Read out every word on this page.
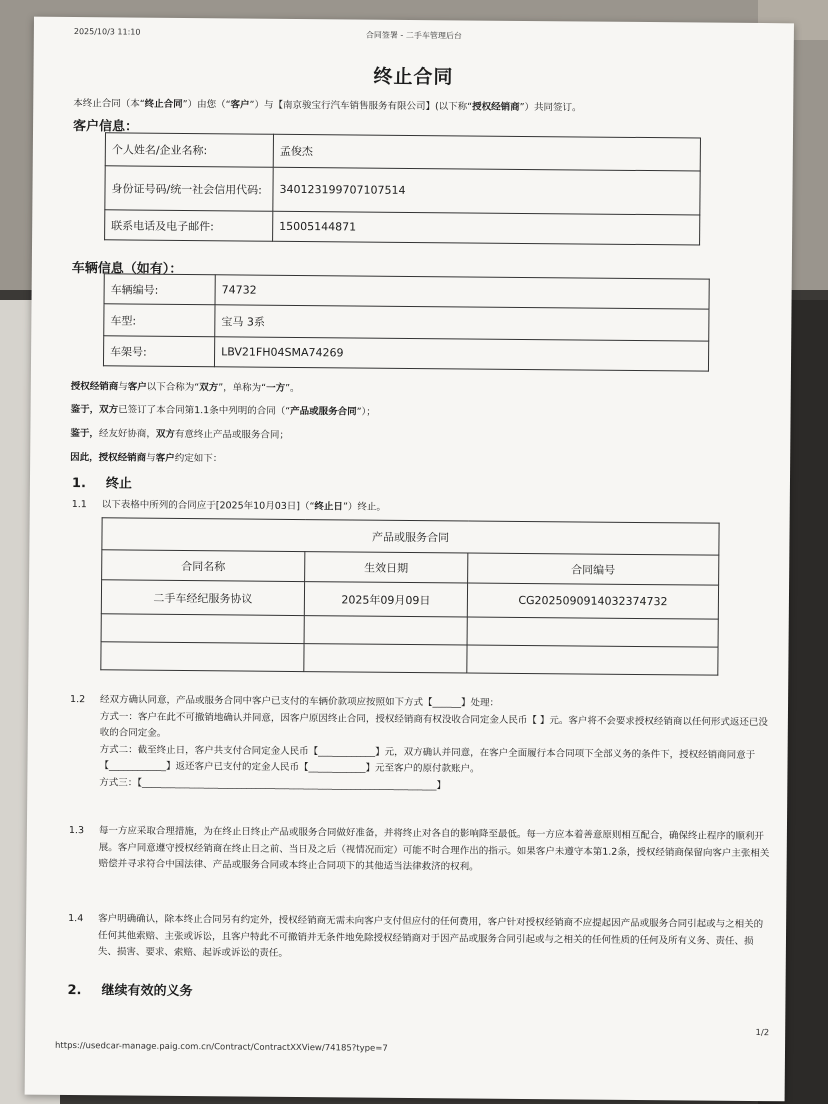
2025/10/3 11:10	合同签署 - 二手车管理后台
终止合同
本终止合同（本“终止合同”）由您（“客户”）与【南京骏宝行汽车销售服务有限公司】(以下称“授权经销商”）共同签订。
客户信息：
个人姓名/企业名称:	孟俊杰
身份证号码/统一社会信用代码:	340123199707107514
联系电话及电子邮件:	15005144871
车辆信息（如有）：
车辆编号:	74732
车型:	宝马 3系
车架号:	LBV21FH04SMA74269
授权经销商与客户以下合称为“双方”，单称为“一方”。
鉴于，双方已签订了本合同第1.1条中列明的合同（“产品或服务合同”）；
鉴于，经友好协商，双方有意终止产品或服务合同；
因此，授权经销商与客户约定如下：
1. 终止
1.1 以下表格中所列的合同应于[2025年10月03日]（“终止日”）终止。
产品或服务合同		
合同名称	生效日期	合同编号
二手车经纪服务协议	2025年09月09日	CG2025090914032374732

1.2 经双方确认同意，产品或服务合同中客户已支付的车辆价款项应按照如下方式【______】处理：
方式一：客户在此不可撤销地确认并同意，因客户原因终止合同，授权经销商有权没收合同定金人民币【 】元。客户将不会要求授权经销商以任何形式返还已没收的合同定金。
方式二：截至终止日，客户共支付合同定金人民币【____________】元，双方确认并同意，在客户全面履行本合同项下全部义务的条件下，授权经销商同意于【____________】返还客户已支付的定金人民币【____________】元至客户的原付款账户。
方式三：【______________________________________________________________】
1.3 每一方应采取合理措施，为在终止日终止产品或服务合同做好准备，并将终止对各自的影响降至最低。每一方应本着善意原则相互配合，确保终止程序的顺利开展。客户同意遵守授权经销商在终止日之前、当日及之后（视情况而定）可能不时合理作出的指示。如果客户未遵守本第1.2条，授权经销商保留向客户主张相关赔偿并寻求符合中国法律、产品或服务合同或本终止合同项下的其他适当法律救济的权利。
1.4 客户明确确认，除本终止合同另有约定外，授权经销商无需未向客户支付但应付的任何费用，客户针对授权经销商不应提起因产品或服务合同引起或与之相关的任何其他索赔、主张或诉讼，且客户特此不可撤销并无条件地免除授权经销商对于因产品或服务合同引起或与之相关的任何性质的任何及所有义务、责任、损失、损害、要求、索赔、起诉或诉讼的责任。
2. 继续有效的义务
1/2
https://usedcar-manage.paig.com.cn/Contract/ContractXXView/74185?type=7
